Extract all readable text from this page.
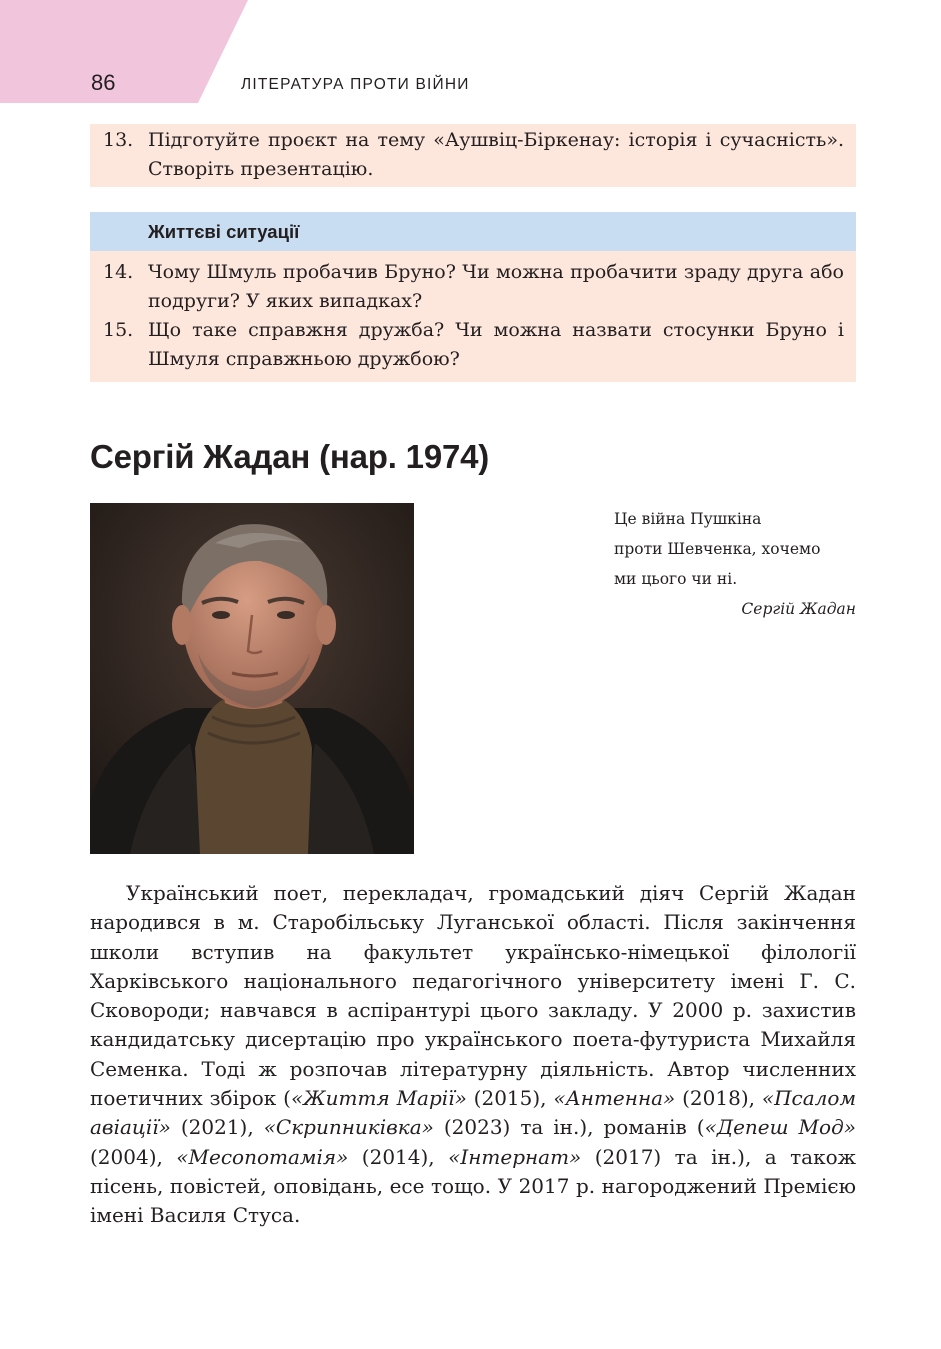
86	ЛІТЕРАТУРА ПРОТИ ВІЙНИ
13. Підготуйте проєкт на тему «Аушвіц-Біркенау: історія і сучасність». Створіть презентацію.
Життєві ситуації
14. Чому Шмуль пробачив Бруно? Чи можна пробачити зраду друга або подруги? У яких випадках?
15. Що таке справжня дружба? Чи можна назвати стосунки Бруно і Шмуля справжньою дружбою?
Сергій Жадан (нар. 1974)
Це війна Пушкіна
проти Шевченка, хочемо
ми цього чи ні.
Сергій Жадан

Український поет, перекладач, громадський діяч Сергій Жадан народився в м. Старобільську Луганської області. Після закінчення школи вступив на факультет українсько-німецької філології Харківського національного педагогічного університету імені Г. С. Сковороди; навчався в аспірантурі цього закладу. У 2000 р. захистив кандидатську дисертацію про українського поета-футуриста Михайля Семенка. Тоді ж розпочав літературну діяльність. Автор численних поетичних збірок («Життя Марії» (2015), «Антенна» (2018), «Псалом авіації» (2021), «Скрипниківка» (2023) та ін.), романів («Депеш Мод» (2004), «Месопотамія» (2014), «Інтернат» (2017) та ін.), а також пісень, повістей, оповідань, есе тощо. У 2017 р. нагороджений Премією імені Василя Стуса.
